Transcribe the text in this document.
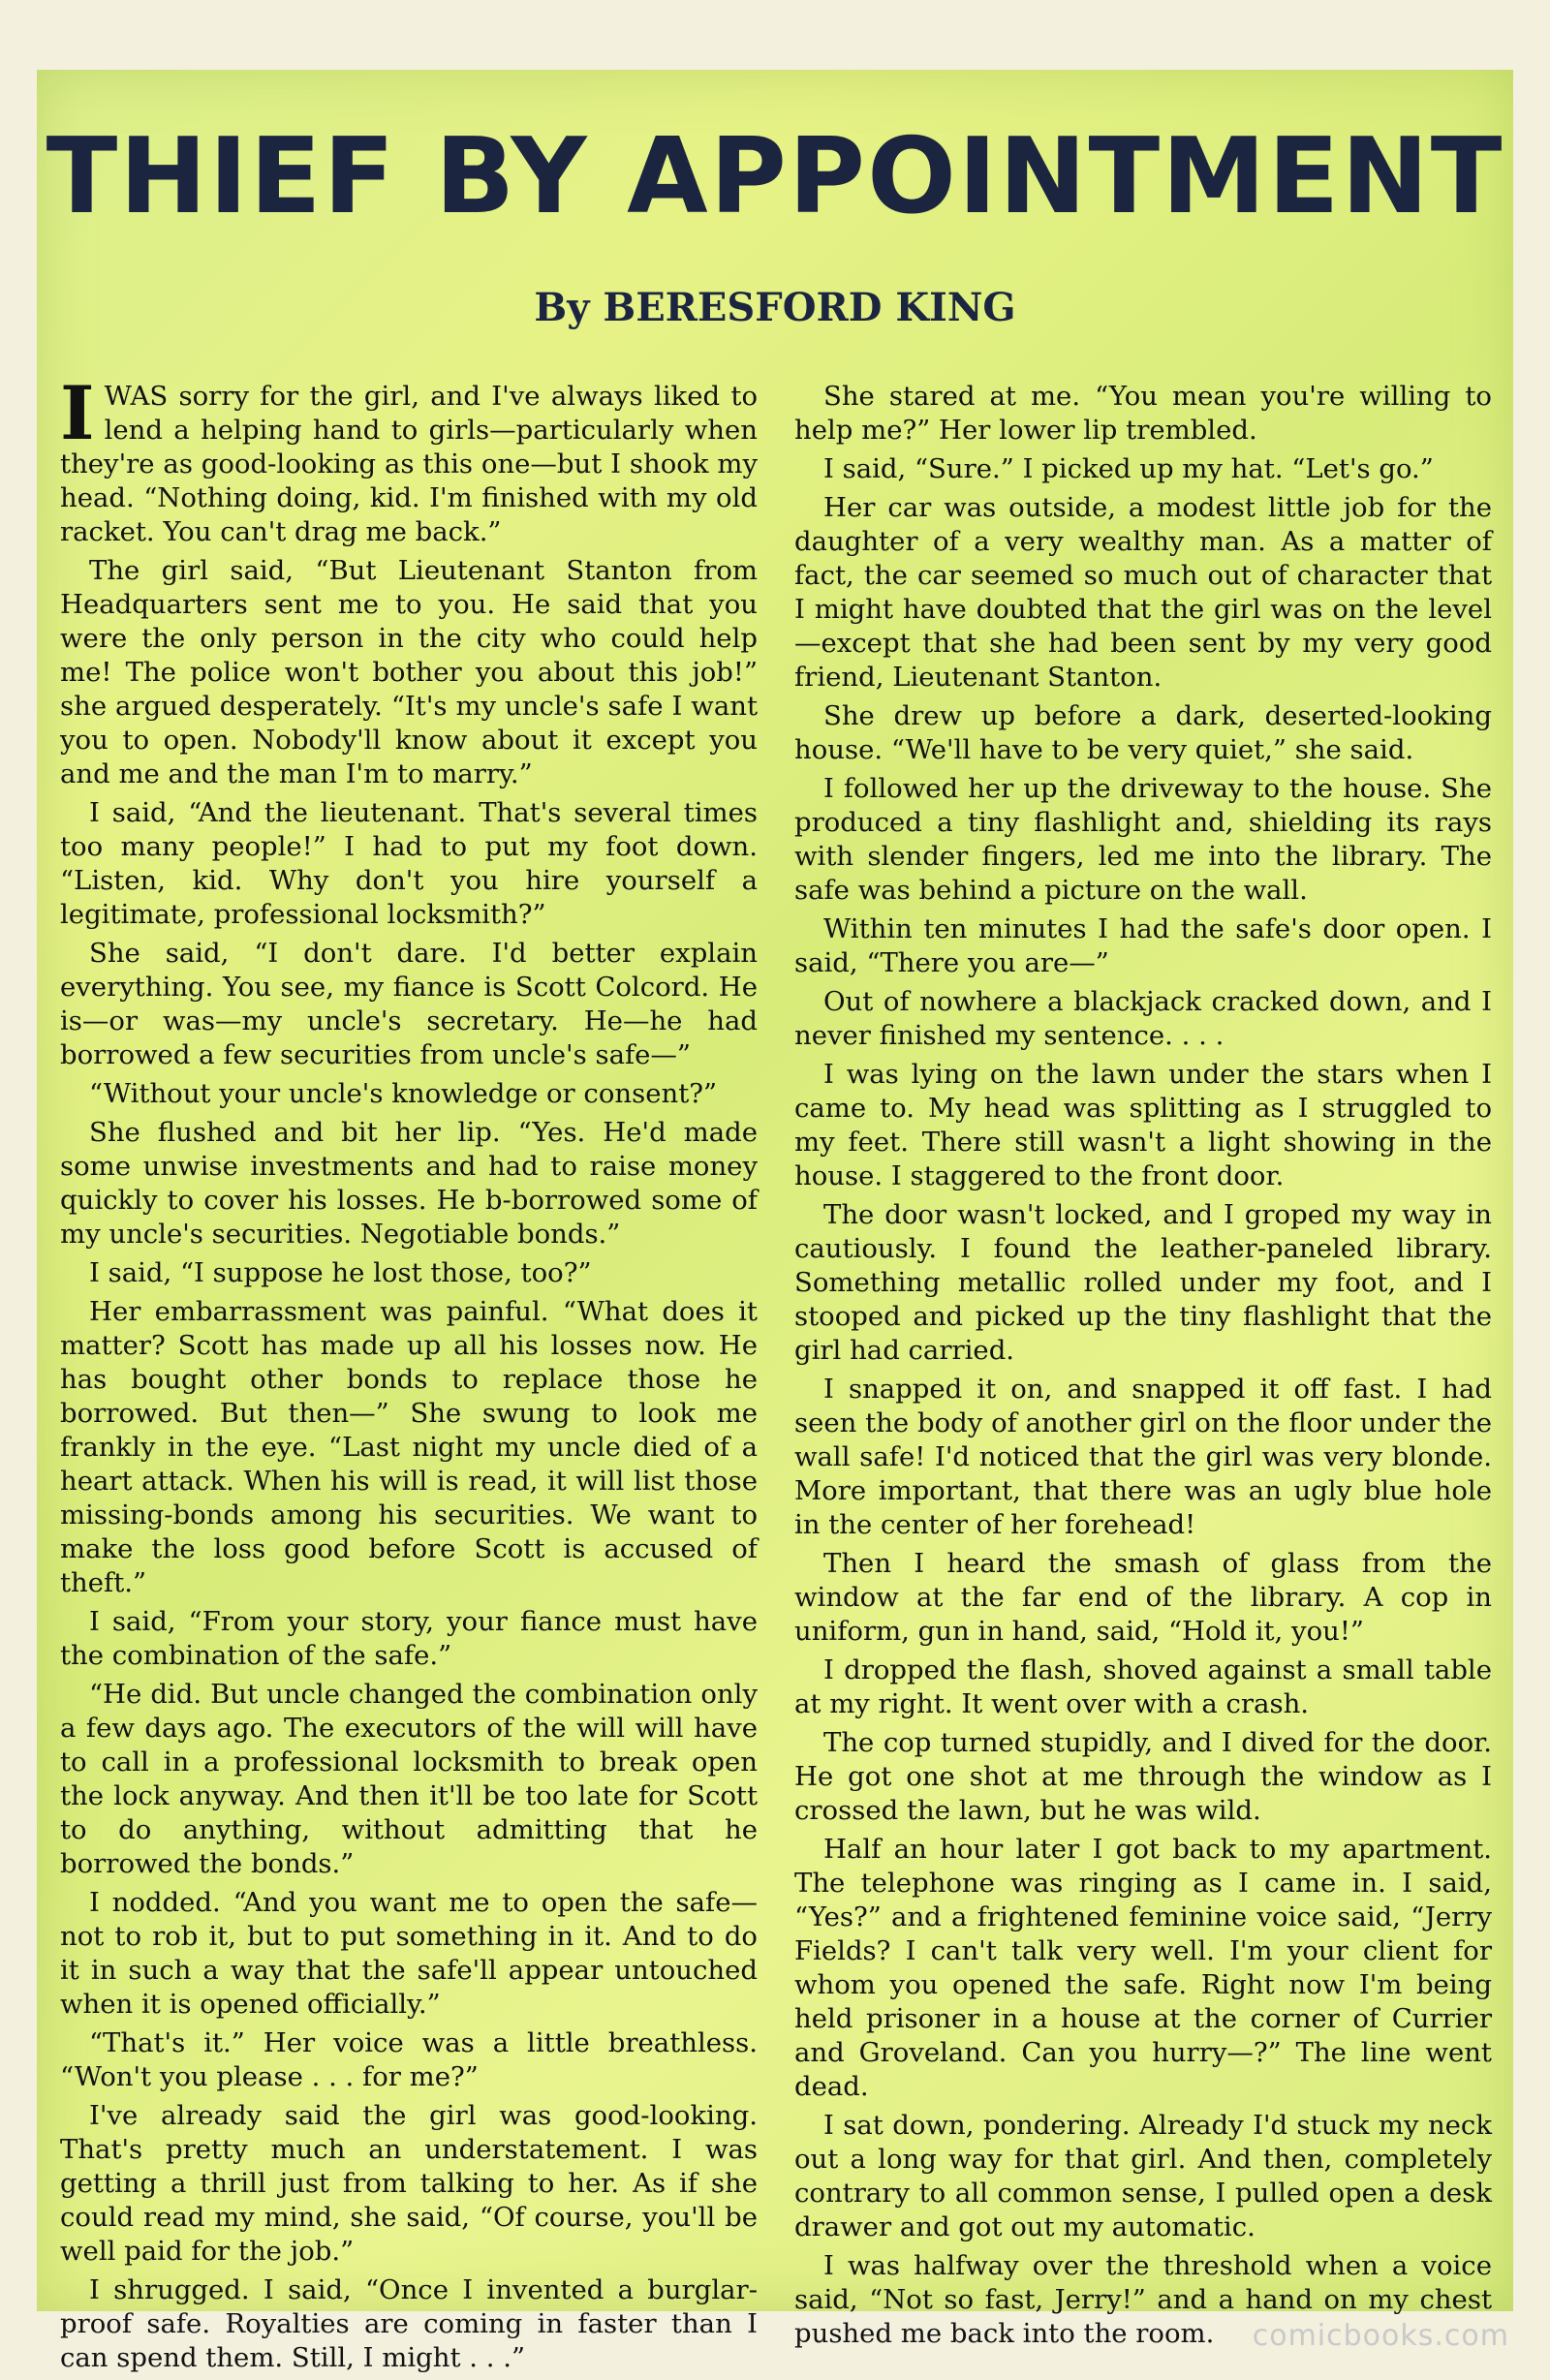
THIEF BY APPOINTMENT
By BERESFORD KING

I WAS sorry for the girl, and I've always liked to lend a helping hand to girls—particularly when they're as good-looking as this one—but I shook my head. “Nothing doing, kid. I'm finished with my old racket. You can't drag me back.”

The girl said, “But Lieutenant Stanton from Headquarters sent me to you. He said that you were the only person in the city who could help me! The police won't bother you about this job!” she argued desperately. “It's my uncle's safe I want you to open. Nobody'll know about it except you and me and the man I'm to marry.”

I said, “And the lieutenant. That's several times too many people!” I had to put my foot down. “Listen, kid. Why don't you hire yourself a legitimate, professional locksmith?”

She said, “I don't dare. I'd better explain everything. You see, my fiance is Scott Colcord. He is—or was—my uncle's secretary. He—he had borrowed a few securities from uncle's safe—”

“Without your uncle's knowledge or consent?”

She flushed and bit her lip. “Yes. He'd made some unwise investments and had to raise money quickly to cover his losses. He b-borrowed some of my uncle's securities. Negotiable bonds.”

I said, “I suppose he lost those, too?”

Her embarrassment was painful. “What does it matter? Scott has made up all his losses now. He has bought other bonds to replace those he borrowed. But then—” She swung to look me frankly in the eye. “Last night my uncle died of a heart attack. When his will is read, it will list those missing-bonds among his securities. We want to make the loss good before Scott is accused of theft.”

I said, “From your story, your fiance must have the combination of the safe.”

“He did. But uncle changed the combination only a few days ago. The executors of the will will have to call in a professional locksmith to break open the lock anyway. And then it'll be too late for Scott to do anything, without admitting that he borrowed the bonds.”

I nodded. “And you want me to open the safe—not to rob it, but to put something in it. And to do it in such a way that the safe'll appear untouched when it is opened officially.”

“That's it.” Her voice was a little breathless. “Won't you please . . . for me?”

I've already said the girl was good-looking. That's pretty much an understatement. I was getting a thrill just from talking to her. As if she could read my mind, she said, “Of course, you'll be well paid for the job.”

I shrugged. I said, “Once I invented a burglar-proof safe. Royalties are coming in faster than I can spend them. Still, I might . . .”

She stared at me. “You mean you're willing to help me?” Her lower lip trembled.

I said, “Sure.” I picked up my hat. “Let's go.”

Her car was outside, a modest little job for the daughter of a very wealthy man. As a matter of fact, the car seemed so much out of character that I might have doubted that the girl was on the level—except that she had been sent by my very good friend, Lieutenant Stanton.

She drew up before a dark, deserted-looking house. “We'll have to be very quiet,” she said.

I followed her up the driveway to the house. She produced a tiny flashlight and, shielding its rays with slender fingers, led me into the library. The safe was behind a picture on the wall.

Within ten minutes I had the safe's door open. I said, “There you are—”

Out of nowhere a blackjack cracked down, and I never finished my sentence. . . .

I was lying on the lawn under the stars when I came to. My head was splitting as I struggled to my feet. There still wasn't a light showing in the house. I staggered to the front door.

The door wasn't locked, and I groped my way in cautiously. I found the leather-paneled library. Something metallic rolled under my foot, and I stooped and picked up the tiny flashlight that the girl had carried.

I snapped it on, and snapped it off fast. I had seen the body of another girl on the floor under the wall safe! I'd noticed that the girl was very blonde. More important, that there was an ugly blue hole in the center of her forehead!

Then I heard the smash of glass from the window at the far end of the library. A cop in uniform, gun in hand, said, “Hold it, you!”

I dropped the flash, shoved against a small table at my right. It went over with a crash.

The cop turned stupidly, and I dived for the door. He got one shot at me through the window as I crossed the lawn, but he was wild.

Half an hour later I got back to my apartment. The telephone was ringing as I came in. I said, “Yes?” and a frightened feminine voice said, “Jerry Fields? I can't talk very well. I'm your client for whom you opened the safe. Right now I'm being held prisoner in a house at the corner of Currier and Groveland. Can you hurry—?” The line went dead.

I sat down, pondering. Already I'd stuck my neck out a long way for that girl. And then, completely contrary to all common sense, I pulled open a desk drawer and got out my automatic.

I was halfway over the threshold when a voice said, “Not so fast, Jerry!” and a hand on my chest pushed me back into the room.	comicbooks.com
